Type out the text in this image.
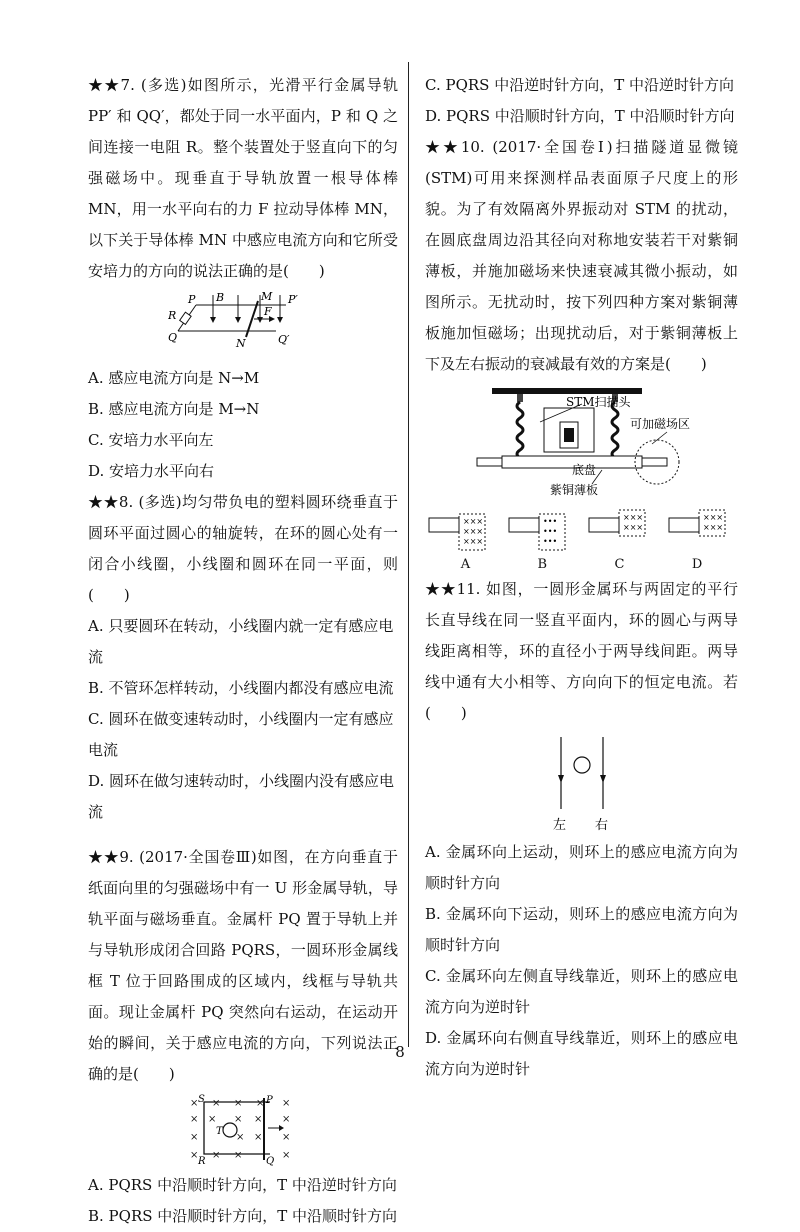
★★7. (多选)如图所示，光滑平行金属导轨 PP′ 和 QQ′，都处于同一水平面内，P 和 Q 之间连接一电阻 R。整个装置处于竖直向下的匀强磁场中。现垂直于导轨放置一根导体棒 MN，用一水平向右的力 F 拉动导体棒 MN，以下关于导体棒 MN 中感应电流方向和它所受安培力的方向的说法正确的是(　　)

P B	M P′
R
Q	N
F
Q′

A. 感应电流方向是 N→M

B. 感应电流方向是 M→N

C. 安培力水平向左

D. 安培力水平向右

★★8. (多选)均匀带负电的塑料圆环绕垂直于圆环平面过圆心的轴旋转，在环的圆心处有一闭合小线圈，小线圈和圆环在同一平面，则(　　)

A. 只要圆环在转动，小线圈内就一定有感应电流

B. 不管环怎样转动，小线圈内都没有感应电流

C. 圆环在做变速转动时，小线圈内一定有感应电流

D. 圆环在做匀速转动时，小线圈内没有感应电流

★★9. (2017·全国卷Ⅲ)如图，在方向垂直于纸面向里的匀强磁场中有一 U 形金属导轨，导轨平面与磁场垂直。金属杆 PQ 置于导轨上并与导轨形成闭合回路 PQRS，一圆环形金属线框 T 位于回路围成的区域内，线框与导轨共面。现让金属杆 PQ 突然向右运动，在运动开始的瞬间，关于感应电流的方向，下列说法正确的是(　　)

× × × × ×
× × × × ×
×	× × ×
× × ×	×
S	P
T
R	Q

A. PQRS 中沿顺时针方向，T 中沿逆时针方向

B. PQRS 中沿顺时针方向，T 中沿顺时针方向

C. PQRS 中沿逆时针方向，T 中沿逆时针方向

D. PQRS 中沿顺时针方向，T 中沿顺时针方向

★★10. (2017·全国卷Ⅰ)扫描隧道显微镜(STM)可用来探测样品表面原子尺度上的形貌。为了有效隔离外界振动对 STM 的扰动，在圆底盘周边沿其径向对称地安装若干对紫铜薄板，并施加磁场来快速衰减其微小振动，如图所示。无扰动时，按下列四种方案对紫铜薄板施加恒磁场；出现扰动后，对于紫铜薄板上下及左右振动的衰减最有效的方案是(　　)

STM扫描头
可加磁场区
底盘
紫铜薄板
×××
×××
×××
•••
•••
•••
×××
×××
×××
×××
A	B	C	D

★★11. 如图，一圆形金属环与两固定的平行长直导线在同一竖直平面内，环的圆心与两导线距离相等，环的直径小于两导线间距。两导线中通有大小相等、方向向下的恒定电流。若(　　)

左 右

A. 金属环向上运动，则环上的感应电流方向为顺时针方向

B. 金属环向下运动，则环上的感应电流方向为顺时针方向

C. 金属环向左侧直导线靠近，则环上的感应电流方向为逆时针

D. 金属环向右侧直导线靠近，则环上的感应电流方向为逆时针

8
